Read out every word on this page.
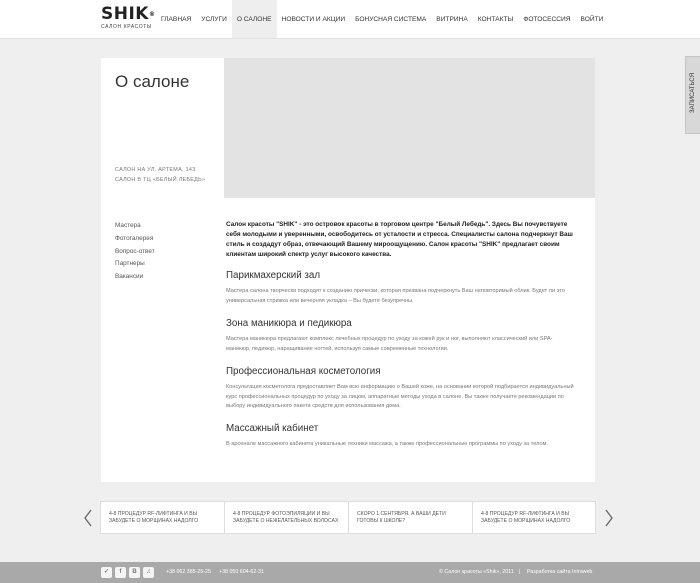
SHIK®
САЛОН КРАСОТЫ
ГЛАВНАЯ	УСЛУГИ	О САЛОНЕ	НОВОСТИ И АКЦИИ	БОНУСНАЯ СИСТЕМА	ВИТРИНА	КОНТАКТЫ	ФОТОСЕССИЯ	ВОЙТИ
ЗАПИСАТЬСЯ
О салоне
САЛОН НА УЛ. АРТЕМА, 143
САЛОН В ТЦ «БЕЛЫЙ ЛЕБЕДЬ»
Мастера
Фотогалерея
Вопрос-ответ
Партнеры
Вакансии

Салон красоты "SHIK" - это островок красоты в торговом центре "Белый Лебедь". Здесь Вы почувствуете себя молодыми и уверенными, освободитесь от усталости и стресса. Специалисты салона подчеркнут Ваш стиль и создадут образ, отвечающий Вашему мироощущению. Салон красоты "SHIK" предлагает своим клиентам широкий спектр услуг высокого качества.

Парикмахерский зал

Мастера салона творчески подходят к созданию прически, которая призвана подчеркнуть Ваш неповторимый облик. Будет ли это универсальная стрижка или вечерняя укладка – Вы будете безупречны.

Зона маникюра и педикюра

Мастера маникюра предлагают комплекс лечебных процедур по уходу за кожей рук и ног, выполняют классический или SPA-маникюр, педикюр, наращивание ногтей, используя самые современные технологии.

Профессиональная косметология

Консультация косметолога предоставляет Вам всю информацию о Вашей коже, на основании которой подбирается индивидуальный курс профессиональных процедур по уходу за лицом, аппаратные методы ухода в салоне. Вы также получаете рекомендации по выбору индивидуального пакета средств для использования дома.

Массажный кабинет

В арсенале массажного кабинета уникальные техники массажа, а также профессиональные программы по уходу за телом.

4-8 ПРОЦЕДУР RF-ЛИФТИНГА И ВЫ ЗАБУДЕТЕ О МОРЩИНАХ НАДОЛГО
4-8 ПРОЦЕДУР ФОТОЭПИЛЯЦИИ И ВЫ ЗАБУДЕТЕ О НЕЖЕЛАТЕЛЬНЫХ ВОЛОСАХ
СКОРО 1 СЕНТЯБРЯ. А ВАШИ ДЕТИ ГОТОВЫ К ШКОЛЕ?
4-8 ПРОЦЕДУР RF-ЛИФТИНГА И ВЫ ЗАБУДЕТЕ О МОРЩИНАХ НАДОЛГО
✓	f	В	♫	+38 062 385-25-25 +38 050 604-62-31	© Салон красоты «Shik», 2011 | Разработка сайта Intraweb
